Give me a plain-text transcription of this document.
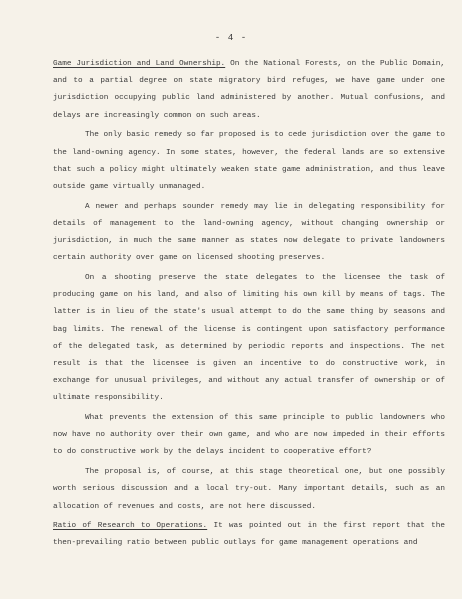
- 4 -

Game Jurisdiction and Land Ownership. On the National Forests, on the Public Domain, and to a partial degree on state migratory bird refuges, we have game under one jurisdiction occupying public land administered by another. Mutual confusions, and delays are increasingly common on such areas.

The only basic remedy so far proposed is to cede jurisdiction over the game to the land-owning agency. In some states, however, the federal lands are so extensive that such a policy might ultimately weaken state game administration, and thus leave outside game virtually unmanaged.

A newer and perhaps sounder remedy may lie in delegating responsibility for details of management to the land-owning agency, without changing ownership or jurisdiction, in much the same manner as states now delegate to private landowners certain authority over game on licensed shooting preserves.

On a shooting preserve the state delegates to the licensee the task of producing game on his land, and also of limiting his own kill by means of tags. The latter is in lieu of the state's usual attempt to do the same thing by seasons and bag limits. The renewal of the license is contingent upon satisfactory performance of the delegated task, as determined by periodic reports and inspections. The net result is that the licensee is given an incentive to do constructive work, in exchange for unusual privileges, and without any actual transfer of ownership or of ultimate responsibility.

What prevents the extension of this same principle to public landowners who now have no authority over their own game, and who are now impeded in their efforts to do constructive work by the delays incident to cooperative effort?

The proposal is, of course, at this stage theoretical one, but one possibly worth serious discussion and a local try-out. Many important details, such as an allocation of revenues and costs, are not here discussed.

Ratio of Research to Operations. It was pointed out in the first report that the then-prevailing ratio between public outlays for game management operations and
